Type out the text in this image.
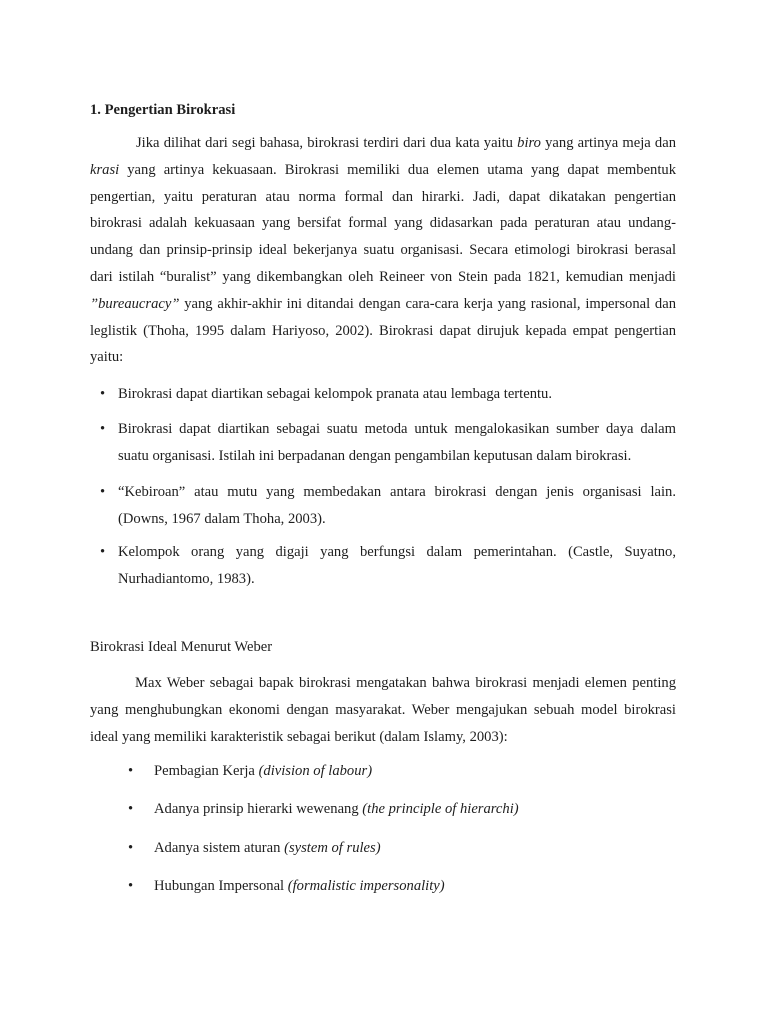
1. Pengertian Birokrasi

Jika dilihat dari segi bahasa, birokrasi terdiri dari dua kata yaitu biro yang artinya meja dan krasi yang artinya kekuasaan. Birokrasi memiliki dua elemen utama yang dapat membentuk pengertian, yaitu peraturan atau norma formal dan hirarki. Jadi, dapat dikatakan pengertian birokrasi adalah kekuasaan yang bersifat formal yang didasarkan pada peraturan atau undang-undang dan prinsip-prinsip ideal bekerjanya suatu organisasi. Secara etimologi birokrasi berasal dari istilah “buralist” yang dikembangkan oleh Reineer von Stein pada 1821, kemudian menjadi ”bureaucracy” yang akhir-akhir ini ditandai dengan cara-cara kerja yang rasional, impersonal dan leglistik (Thoha, 1995 dalam Hariyoso, 2002). Birokrasi dapat dirujuk kepada empat pengertian yaitu:

• Birokrasi dapat diartikan sebagai kelompok pranata atau lembaga tertentu.
• Birokrasi dapat diartikan sebagai suatu metoda untuk mengalokasikan sumber daya dalam suatu organisasi. Istilah ini berpadanan dengan pengambilan keputusan dalam birokrasi.
• “Kebiroan” atau mutu yang membedakan antara birokrasi dengan jenis organisasi lain. (Downs, 1967 dalam Thoha, 2003).
• Kelompok orang yang digaji yang berfungsi dalam pemerintahan. (Castle, Suyatno, Nurhadiantomo, 1983).
Birokrasi Ideal Menurut Weber

Max Weber sebagai bapak birokrasi mengatakan bahwa birokrasi menjadi elemen penting yang menghubungkan ekonomi dengan masyarakat. Weber mengajukan sebuah model birokrasi ideal yang memiliki karakteristik sebagai berikut (dalam Islamy, 2003):

• Pembagian Kerja (division of labour)
• Adanya prinsip hierarki wewenang (the principle of hierarchi)
• Adanya sistem aturan (system of rules)
• Hubungan Impersonal (formalistic impersonality)
